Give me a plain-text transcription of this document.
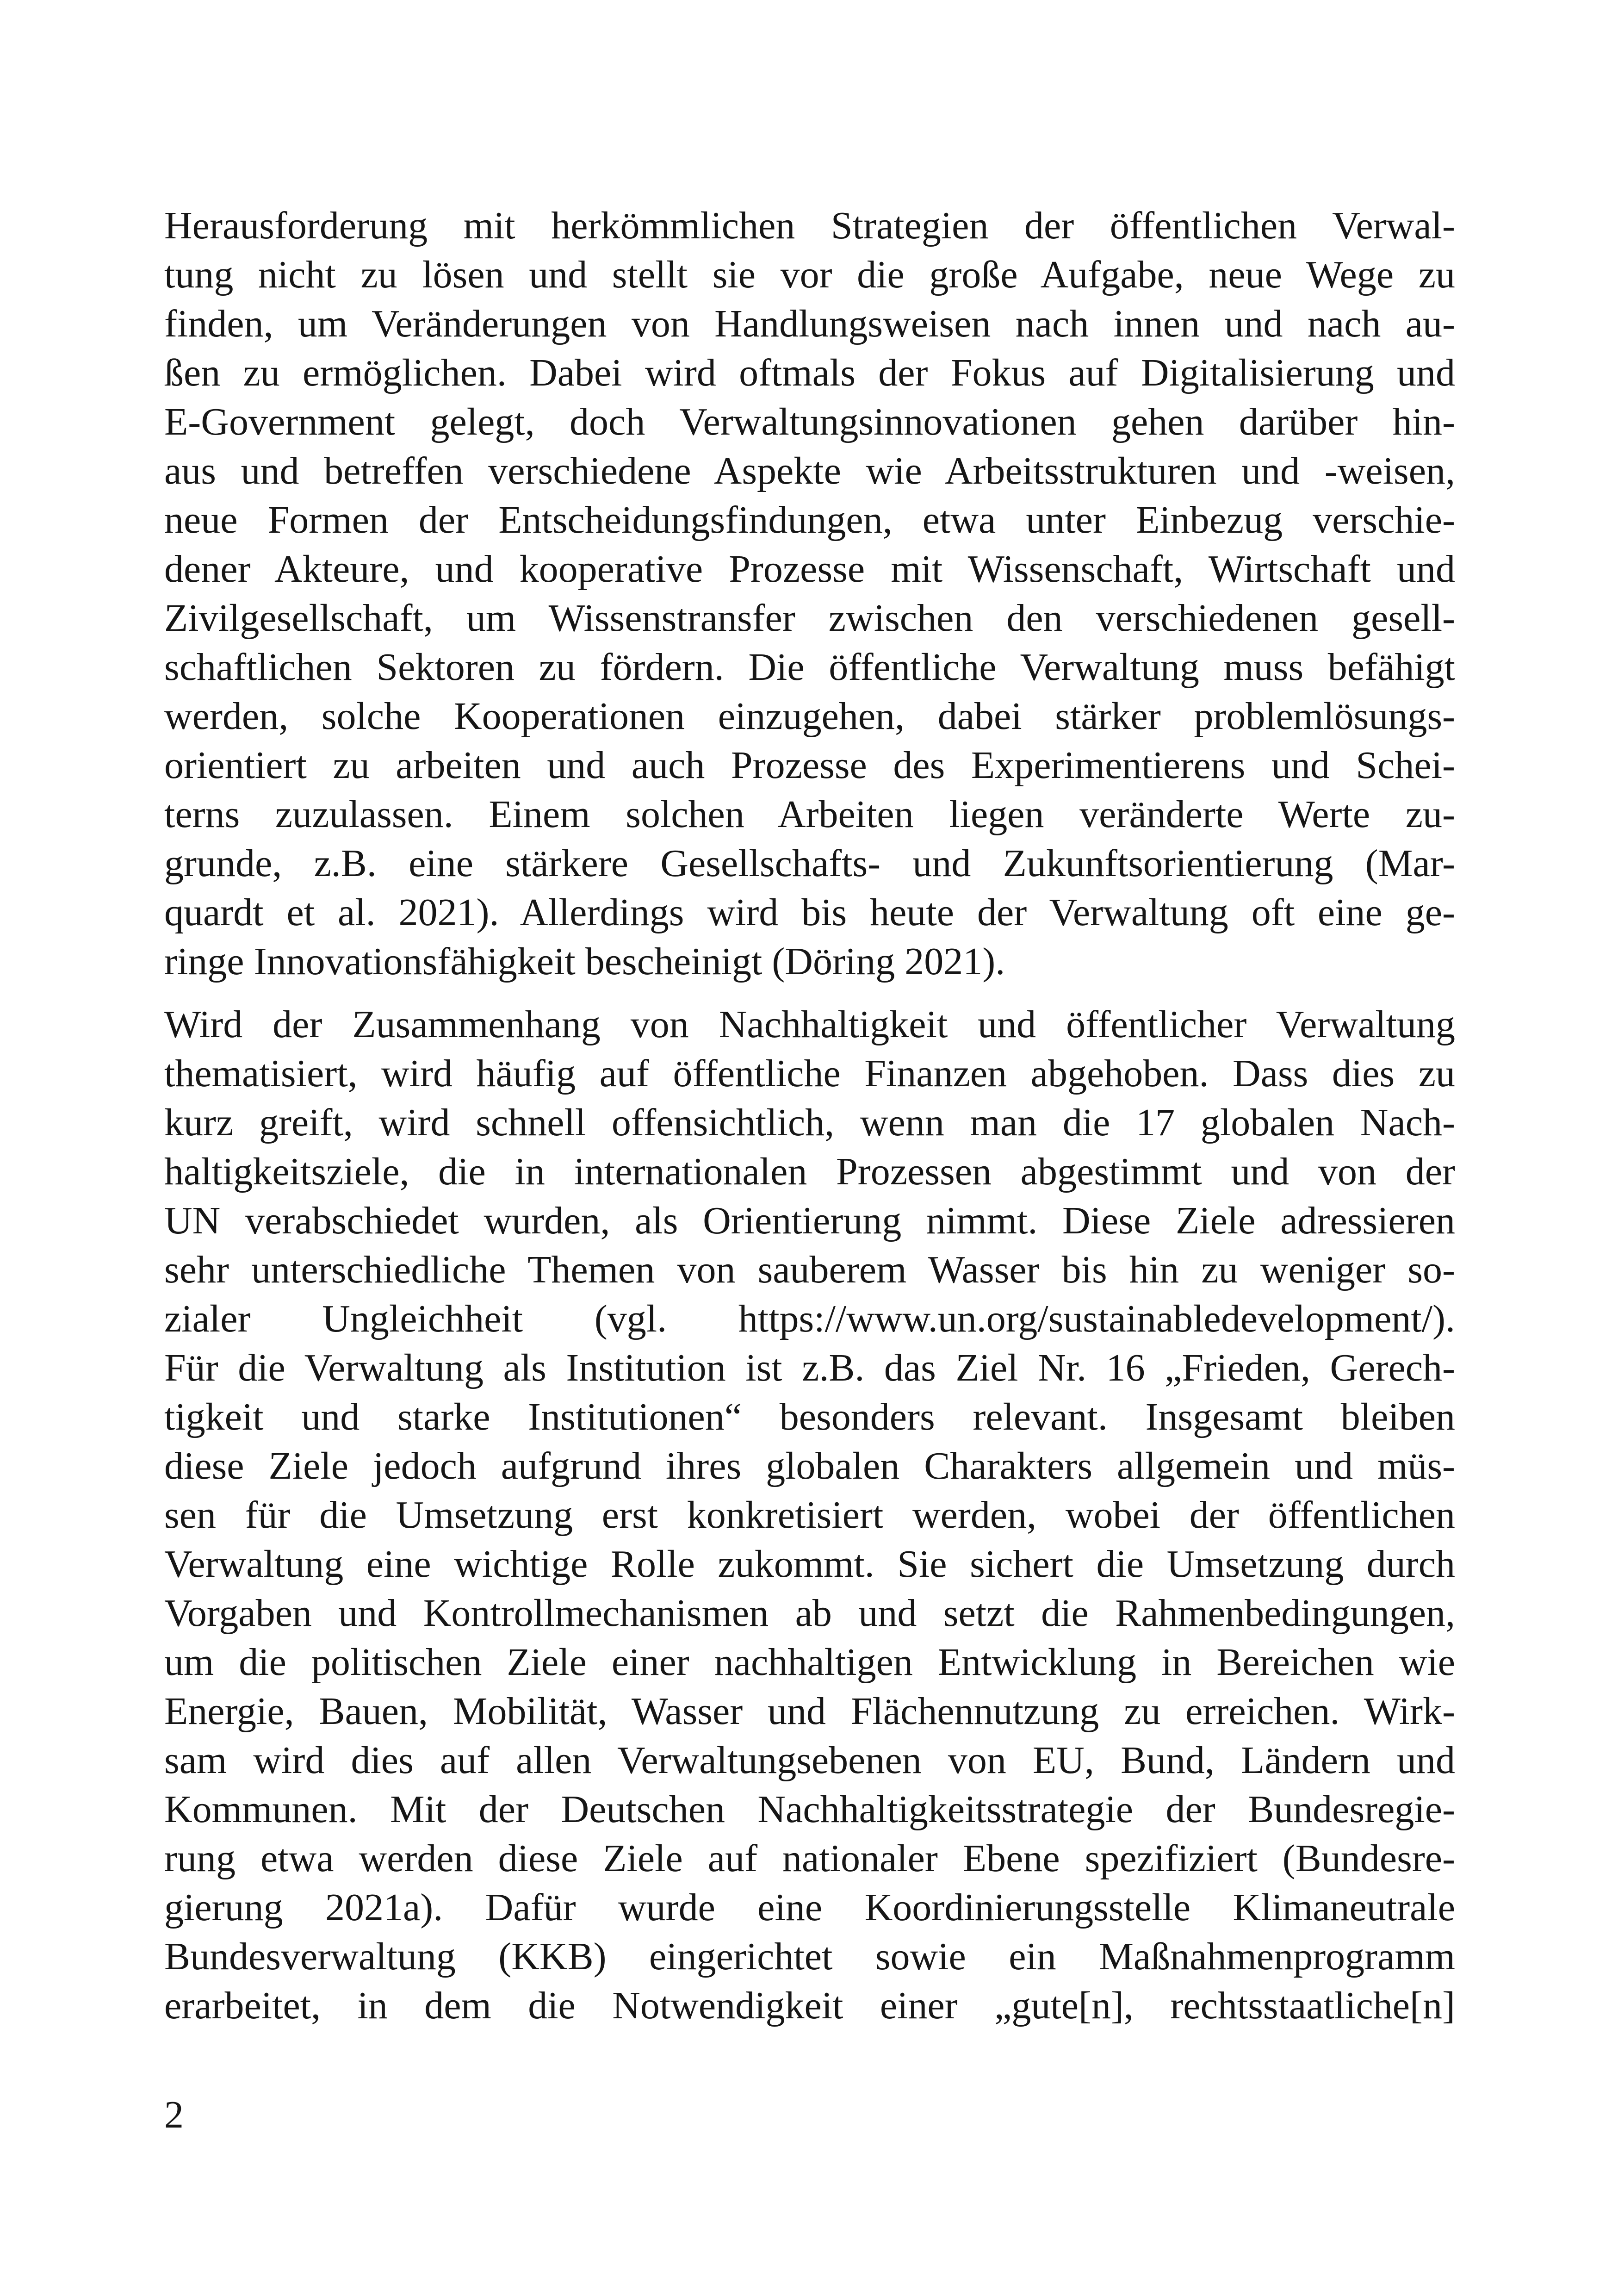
Herausforderung mit herkömmlichen Strategien der öffentlichen Verwal-
tung nicht zu lösen und stellt sie vor die große Aufgabe, neue Wege zu
finden, um Veränderungen von Handlungsweisen nach innen und nach au-
ßen zu ermöglichen. Dabei wird oftmals der Fokus auf Digitalisierung und
E-Government gelegt, doch Verwaltungsinnovationen gehen darüber hin-
aus und betreffen verschiedene Aspekte wie Arbeitsstrukturen und -weisen,
neue Formen der Entscheidungsfindungen, etwa unter Einbezug verschie-
dener Akteure, und kooperative Prozesse mit Wissenschaft, Wirtschaft und
Zivilgesellschaft, um Wissenstransfer zwischen den verschiedenen gesell-
schaftlichen Sektoren zu fördern. Die öffentliche Verwaltung muss befähigt
werden, solche Kooperationen einzugehen, dabei stärker problemlösungs-
orientiert zu arbeiten und auch Prozesse des Experimentierens und Schei-
terns zuzulassen. Einem solchen Arbeiten liegen veränderte Werte zu-
grunde, z.B. eine stärkere Gesellschafts- und Zukunftsorientierung (Mar-
quardt et al. 2021). Allerdings wird bis heute der Verwaltung oft eine ge-
ringe Innovationsfähigkeit bescheinigt (Döring 2021).

Wird der Zusammenhang von Nachhaltigkeit und öffentlicher Verwaltung
thematisiert, wird häufig auf öffentliche Finanzen abgehoben. Dass dies zu
kurz greift, wird schnell offensichtlich, wenn man die 17 globalen Nach-
haltigkeitsziele, die in internationalen Prozessen abgestimmt und von der
UN verabschiedet wurden, als Orientierung nimmt. Diese Ziele adressieren
sehr unterschiedliche Themen von sauberem Wasser bis hin zu weniger so-
zialer Ungleichheit (vgl. https://www.un.org/sustainabledevelopment/).
Für die Verwaltung als Institution ist z.B. das Ziel Nr. 16 „Frieden, Gerech-
tigkeit und starke Institutionen“ besonders relevant. Insgesamt bleiben
diese Ziele jedoch aufgrund ihres globalen Charakters allgemein und müs-
sen für die Umsetzung erst konkretisiert werden, wobei der öffentlichen
Verwaltung eine wichtige Rolle zukommt. Sie sichert die Umsetzung durch
Vorgaben und Kontrollmechanismen ab und setzt die Rahmenbedingungen,
um die politischen Ziele einer nachhaltigen Entwicklung in Bereichen wie
Energie, Bauen, Mobilität, Wasser und Flächennutzung zu erreichen. Wirk-
sam wird dies auf allen Verwaltungsebenen von EU, Bund, Ländern und
Kommunen. Mit der Deutschen Nachhaltigkeitsstrategie der Bundesregie-
rung etwa werden diese Ziele auf nationaler Ebene spezifiziert (Bundesre-
gierung 2021a). Dafür wurde eine Koordinierungsstelle Klimaneutrale
Bundesverwaltung (KKB) eingerichtet sowie ein Maßnahmenprogramm
erarbeitet, in dem die Notwendigkeit einer „gute[n], rechtsstaatliche[n]

2
